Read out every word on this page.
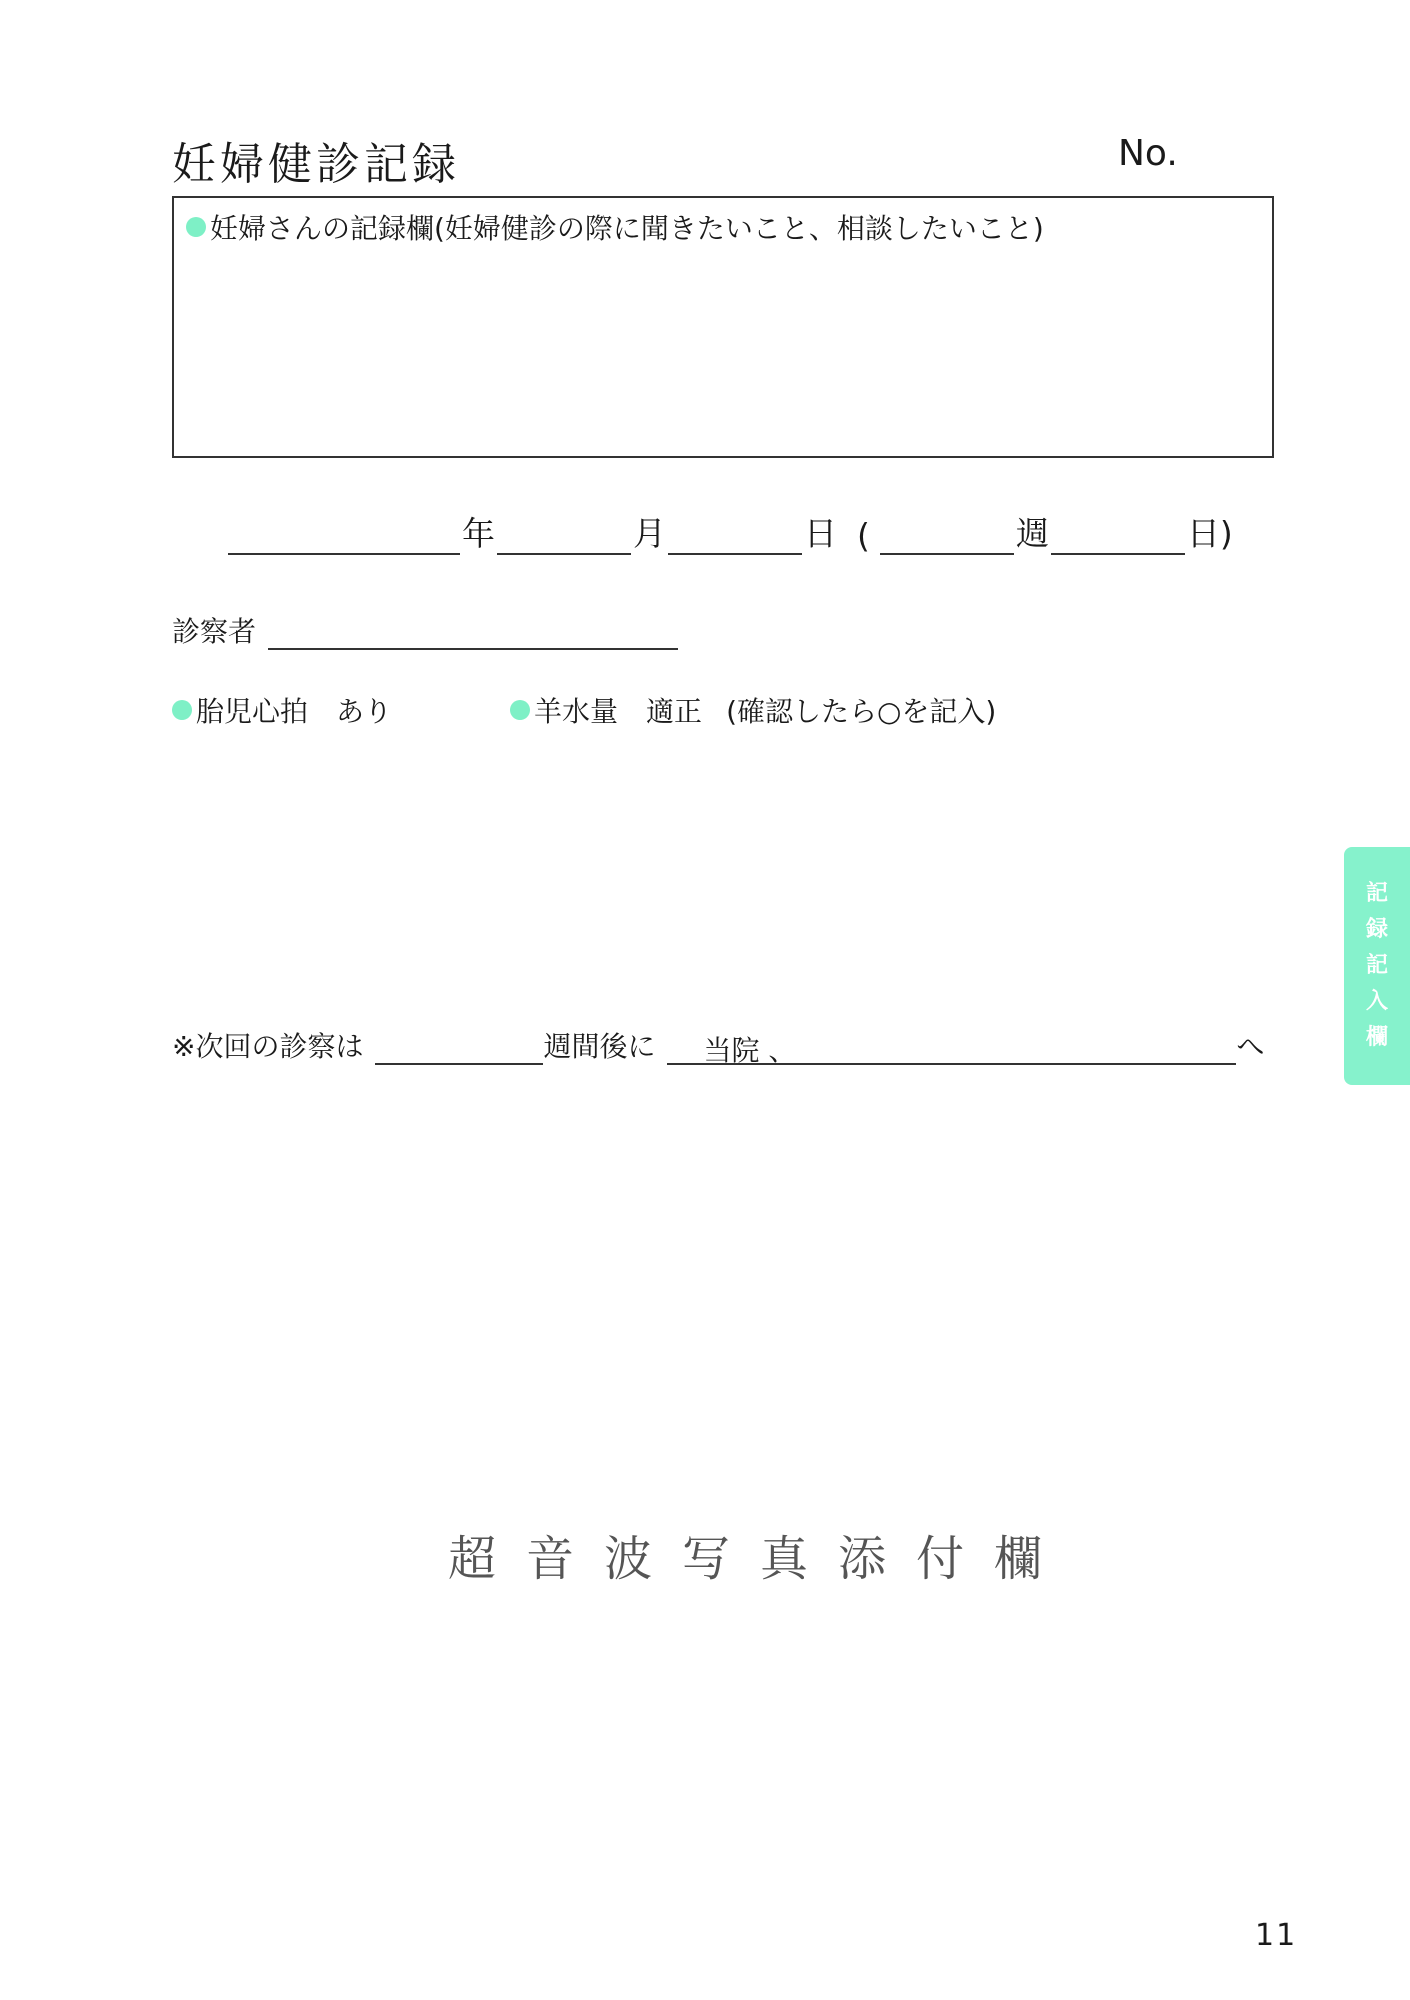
妊婦健診記録	No.
妊婦さんの記録欄(妊婦健診の際に聞きたいこと、相談したいこと)
年	月	日 (	週	日)
診察者
胎児心拍 あり	羊水量 適正 (確認したら○を記入)
※次回の診察は	週間後に	当院 、	へ
超音波写真添付欄
記
録
記
入
欄
11
